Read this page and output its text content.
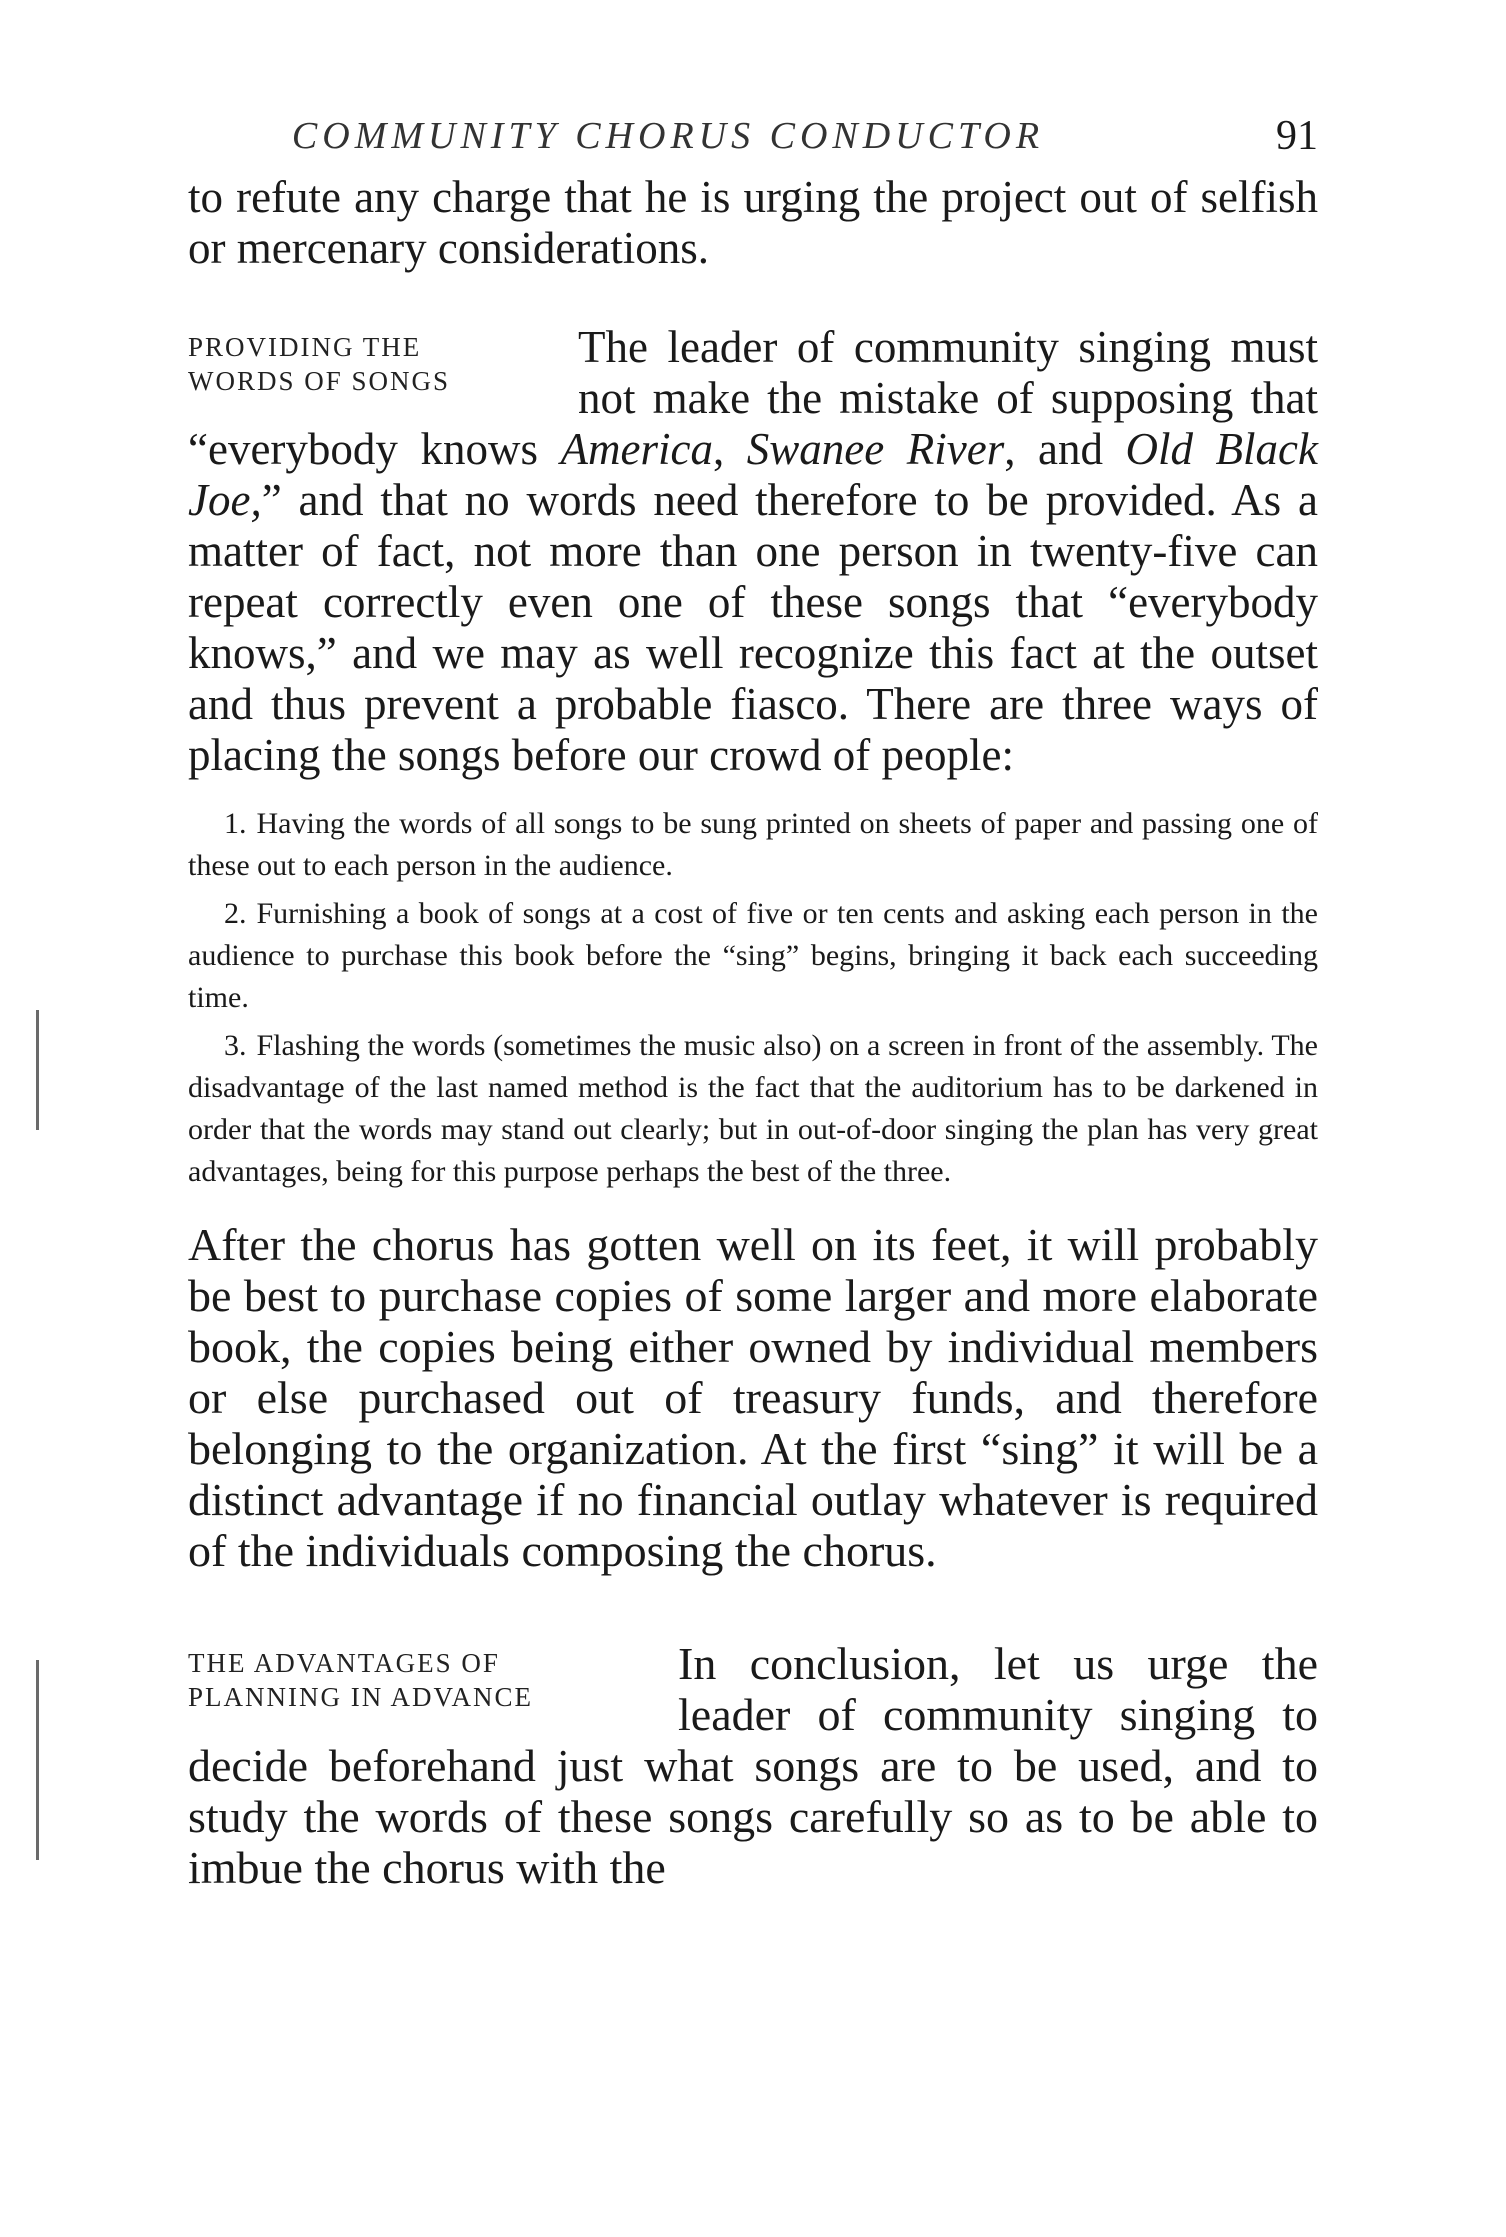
COMMUNITY CHORUS CONDUCTOR	91

to refute any charge that he is urging the project out of selfish or mercenary considerations.

PROVIDING THE
WORDS OF SONGS

The leader of community singing must not make the mistake of supposing that “everybody knows America, Swanee River, and Old Black Joe,” and that no words need therefore to be provided. As a matter of fact, not more than one person in twenty-five can repeat correctly even one of these songs that “everybody knows,” and we may as well recognize this fact at the outset and thus prevent a probable fiasco. There are three ways of placing the songs before our crowd of people:

1. Having the words of all songs to be sung printed on sheets of paper and passing one of these out to each person in the audience.
2. Furnishing a book of songs at a cost of five or ten cents and asking each person in the audience to purchase this book before the “sing” begins, bringing it back each succeeding time.
3. Flashing the words (sometimes the music also) on a screen in front of the assembly. The disadvantage of the last named method is the fact that the auditorium has to be darkened in order that the words may stand out clearly; but in out-of-door singing the plan has very great advantages, being for this purpose perhaps the best of the three.

After the chorus has gotten well on its feet, it will probably be best to purchase copies of some larger and more elaborate book, the copies being either owned by individual members or else purchased out of treasury funds, and therefore belonging to the organization. At the first “sing” it will be a distinct advantage if no financial outlay whatever is required of the individuals composing the chorus.

THE ADVANTAGES OF
PLANNING IN ADVANCE

In conclusion, let us urge the leader of community singing to decide beforehand just what songs are to be used, and to study the words of these songs carefully so as to be able to imbue the chorus with the
